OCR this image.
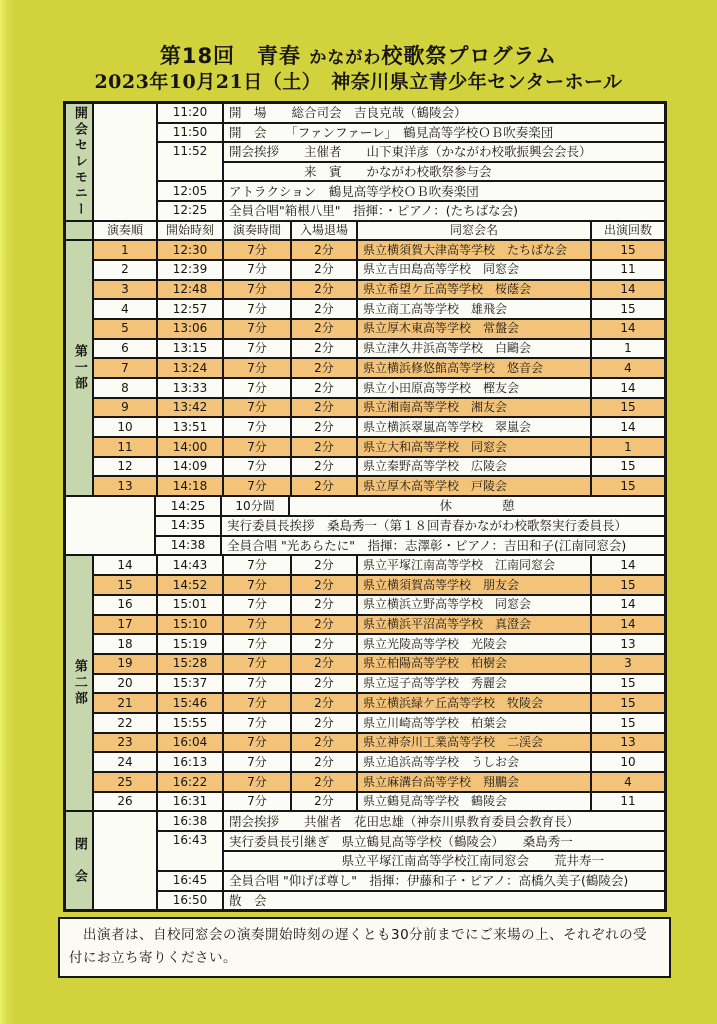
第18回　青春 かながわ校歌祭プログラム
2023年10月21日（土）　神奈川県立青少年センターホール
開会セレモニー	11:20	開　場　　総合司会　吉良克哉（鶴陵会）
11:50	開　会　　「ファンファーレ」　鶴見高等学校ＯＢ吹奏楽団
11:52	開会挨拶　　主催者　　山下東洋彦（かながわ校歌振興会会長）
　　　　　　来　賓　　かながわ校歌祭参与会
12:05	アトラクション　鶴見高等学校ＯＢ吹奏楽団
12:25	全員合唱"箱根八里"　指揮：・ピアノ：(たちばな会)
演奏順	開始時刻	演奏時間	入場退場	同窓会名	出演回数
第一部
1	12:30	7分	2分	県立横須賀大津高等学校　たちばな会	15
2	12:39	7分	2分	県立吉田島高等学校　同窓会	11
3	12:48	7分	2分	県立希望ケ丘高等学校　桜蔭会	14
4	12:57	7分	2分	県立商工高等学校　雄飛会	15
5	13:06	7分	2分	県立厚木東高等学校　常盤会	14
6	13:15	7分	2分	県立津久井浜高等学校　白鷗会	1
7	13:24	7分	2分	県立横浜修悠館高等学校　悠音会	4
8	13:33	7分	2分	県立小田原高等学校　樫友会	14
9	13:42	7分	2分	県立湘南高等学校　湘友会	15
10	13:51	7分	2分	県立横浜翠嵐高等学校　翠嵐会	14
11	14:00	7分	2分	県立大和高等学校　同窓会	1
12	14:09	7分	2分	県立秦野高等学校　広陵会	15
13	14:18	7分	2分	県立厚木高等学校　戸陵会	15
14:25	10分間	休　　　　憩
14:35	実行委員長挨拶　桑島秀一（第１８回青春かながわ校歌祭実行委員長）
14:38	全員合唱 "光あらたに"　指揮：志澤彰・ピアノ：吉田和子(江南同窓会)
第二部
14	14:43	7分	2分	県立平塚江南高等学校　江南同窓会	14
15	14:52	7分	2分	県立横須賀高等学校　朋友会	15
16	15:01	7分	2分	県立横浜立野高等学校　同窓会	14
17	15:10	7分	2分	県立横浜平沼高等学校　真澄会	14
18	15:19	7分	2分	県立光陵高等学校　光陵会	13
19	15:28	7分	2分	県立柏陽高等学校　柏樹会	3
20	15:37	7分	2分	県立逗子高等学校　秀麗会	15
21	15:46	7分	2分	県立横浜緑ケ丘高等学校　牧陵会	15
22	15:55	7分	2分	県立川崎高等学校　柏葉会	15
23	16:04	7分	2分	県立神奈川工業高等学校　二渓会	13
24	16:13	7分	2分	県立追浜高等学校　うしお会	10
25	16:22	7分	2分	県立麻溝台高等学校　翔鵬会	4
26	16:31	7分	2分	県立鶴見高等学校　鶴陵会	11
閉　会
16:38	閉会挨拶　　共催者　花田忠雄（神奈川県教育委員会教育長）
16:43	実行委員長引継ぎ　県立鶴見高等学校（鶴陵会）　　桑島秀一
　　　　　　　　　県立平塚江南高等学校江南同窓会　　荒井寿一
16:45	全員合唱 "仰げば尊し"　指揮：伊藤和子・ピアノ：高橋久美子(鶴陵会)
16:50	散　会
　出演者は、自校同窓会の演奏開始時刻の遅くとも30分前までにご来場の上、それぞれの受付にお立ち寄りください。
